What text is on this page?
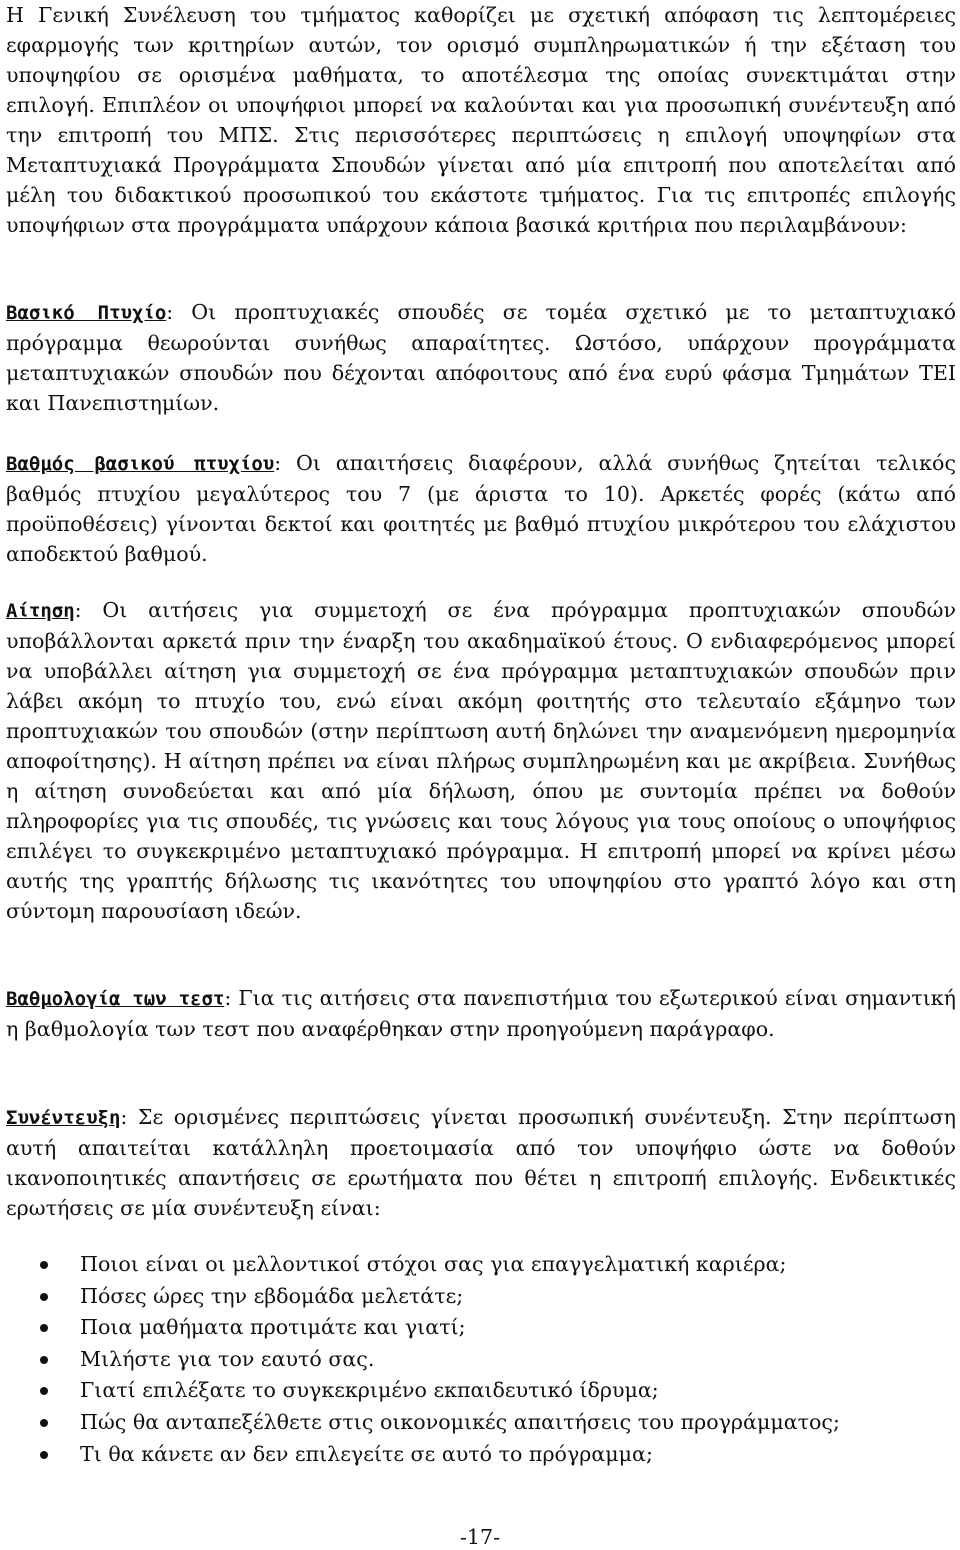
Η Γενική Συνέλευση του τμήματος καθορίζει με σχετική απόφαση τις λεπτομέρειες εφαρμογής των κριτηρίων αυτών, τον ορισμό συμπληρωματικών ή την εξέταση του υποψηφίου σε ορισμένα μαθήματα, το αποτέλεσμα της οποίας συνεκτιμάται στην επιλογή. Επιπλέον οι υποψήφιοι μπορεί να καλούνται και για προσωπική συνέντευξη από την επιτροπή του ΜΠΣ. Στις περισσότερες περιπτώσεις η επιλογή υποψηφίων στα Μεταπτυχιακά Προγράμματα Σπουδών γίνεται από μία επιτροπή που αποτελείται από μέλη του διδακτικού προσωπικού του εκάστοτε τμήματος. Για τις επιτροπές επιλογής υποψήφιων στα προγράμματα υπάρχουν κάποια βασικά κριτήρια που περιλαμβάνουν:

Βασικό Πτυχίο: Οι προπτυχιακές σπουδές σε τομέα σχετικό με το μεταπτυχιακό πρόγραμμα θεωρούνται συνήθως απαραίτητες. Ωστόσο, υπάρχουν προγράμματα μεταπτυχιακών σπουδών που δέχονται απόφοιτους από ένα ευρύ φάσμα Τμημάτων ΤΕΙ και Πανεπιστημίων.

Βαθμός βασικού πτυχίου: Οι απαιτήσεις διαφέρουν, αλλά συνήθως ζητείται τελικός βαθμός πτυχίου μεγαλύτερος του 7 (με άριστα το 10). Αρκετές φορές (κάτω από προϋποθέσεις) γίνονται δεκτοί και φοιτητές με βαθμό πτυχίου μικρότερου του ελάχιστου αποδεκτού βαθμού.

Αίτηση: Οι αιτήσεις για συμμετοχή σε ένα πρόγραμμα προπτυχιακών σπουδών υποβάλλονται αρκετά πριν την έναρξη του ακαδημαϊκού έτους. Ο ενδιαφερόμενος μπορεί να υποβάλλει αίτηση για συμμετοχή σε ένα πρόγραμμα μεταπτυχιακών σπουδών πριν λάβει ακόμη το πτυχίο του, ενώ είναι ακόμη φοιτητής στο τελευταίο εξάμηνο των προπτυχιακών του σπουδών (στην περίπτωση αυτή δηλώνει την αναμενόμενη ημερομηνία αποφοίτησης). Η αίτηση πρέπει να είναι πλήρως συμπληρωμένη και με ακρίβεια. Συνήθως η αίτηση συνοδεύεται και από μία δήλωση, όπου με συντομία πρέπει να δοθούν πληροφορίες για τις σπουδές, τις γνώσεις και τους λόγους για τους οποίους ο υποψήφιος επιλέγει το συγκεκριμένο μεταπτυχιακό πρόγραμμα. Η επιτροπή μπορεί να κρίνει μέσω αυτής της γραπτής δήλωσης τις ικανότητες του υποψηφίου στο γραπτό λόγο και στη σύντομη παρουσίαση ιδεών.

Βαθμολογία των τεστ: Για τις αιτήσεις στα πανεπιστήμια του εξωτερικού είναι σημαντική η βαθμολογία των τεστ που αναφέρθηκαν στην προηγούμενη παράγραφο.

Συνέντευξη: Σε ορισμένες περιπτώσεις γίνεται προσωπική συνέντευξη. Στην περίπτωση αυτή απαιτείται κατάλληλη προετοιμασία από τον υποψήφιο ώστε να δοθούν ικανοποιητικές απαντήσεις σε ερωτήματα που θέτει η επιτροπή επιλογής. Ενδεικτικές ερωτήσεις σε μία συνέντευξη είναι:

Ποιοι είναι οι μελλοντικοί στόχοι σας για επαγγελματική καριέρα;
Πόσες ώρες την εβδομάδα μελετάτε;
Ποια μαθήματα προτιμάτε και γιατί;
Μιλήστε για τον εαυτό σας.
Γιατί επιλέξατε το συγκεκριμένο εκπαιδευτικό ίδρυμα;
Πώς θα ανταπεξέλθετε στις οικονομικές απαιτήσεις του προγράμματος;
Τι θα κάνετε αν δεν επιλεγείτε σε αυτό το πρόγραμμα;
-17-
